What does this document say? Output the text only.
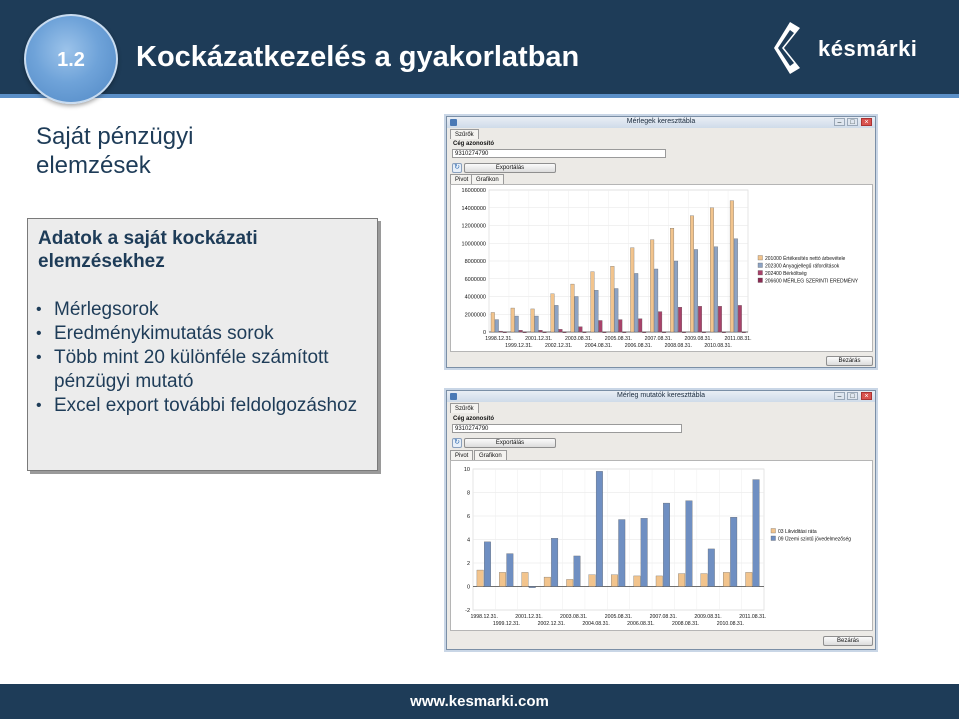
1.2	Kockázatkezelés a gyakorlatban	késmárki
Saját pénzügyi elemzések
Adatok a saját kockázati elemzésekhez
• Mérlegsorok
• Eredménykimutatás sorok
• Több mint 20 különféle számított pénzügyi mutató
• Excel export további feldolgozáshoz
Mérlegek kereszttábla	–	□	×
Szűrők
Cég azonosító
9310274790
↻	Exportálás
Pivot	Grafikon
0
2000000
4000000
6000000
8000000
10000000
12000000
14000000
16000000
1998.12.31.
1999.12.31.
2001.12.31.
2002.12.31.
2003.08.31.
2004.08.31.
2005.08.31.
2006.08.31.
2007.08.31.
2008.08.31.
2009.08.31.
2010.08.31.
2011.08.31.
201000 Értékesítés nettó árbevétele
202300 Anyagjellegű ráfordítások
202400 Bérköltség
206600 MÉRLEG SZERINTI EREDMÉNY
Bezárás
Mérleg mutatók kereszttábla	–	□	×
Szűrők
Cég azonosító
9310274790
↻	Exportálás
Pivot	Grafikon
10
8
6
4
2
0
-2
1998.12.31.
1999.12.31.
2001.12.31.
2002.12.31.
2003.08.31.
2004.08.31.
2005.08.31.
2006.08.31.
2007.08.31.
2008.08.31.
2009.08.31.
2010.08.31.
2011.08.31.
03 Likviditási ráta
09 Üzemi szintű jövedelmezőség
Bezárás
www.kesmarki.com
